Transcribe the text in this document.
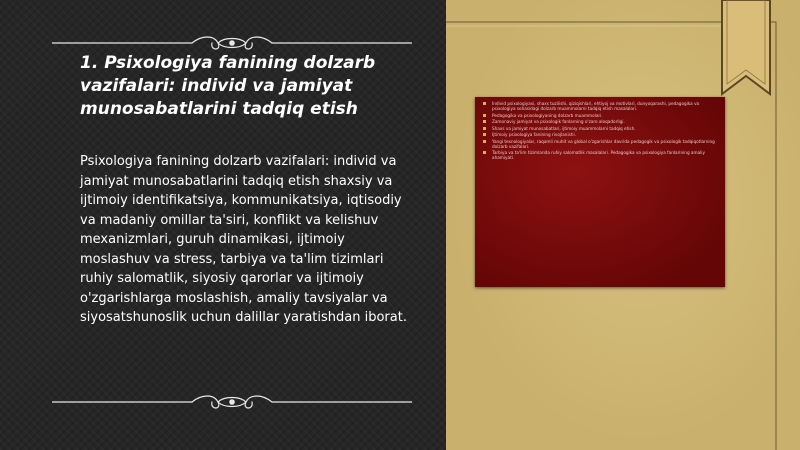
1. Psixologiya fanining dolzarb vazifalari: individ va jamiyat munosabatlarini tadqiq etish

Psixologiya fanining dolzarb vazifalari: individ va jamiyat munosabatlarini tadqiq etish shaxsiy va ijtimoiy identifikatsiya, kommunikatsiya, iqtisodiy va madaniy omillar ta'siri, konflikt va kelishuv mexanizmlari, guruh dinamikasi, ijtimoiy moslashuv va stress, tarbiya va ta'lim tizimlari ruhiy salomatlik, siyosiy qarorlar va ijtimoiy o'zgarishlarga moslashish, amaliy tavsiyalar va siyosatshunoslik uchun dalillar yaratishdan iborat.

Individ psixologiyasi, shaxs tuzilishi, qiziqishlari, ehtiyoj va motivlari, dunyoqarashi, pedagogika va psixologiya sohasidagi dolzarb muammolarni tadqiq etish masalalari.
Pedagogika va psixologiyaning dolzarb muammolari.
Zamonaviy jamiyat va psixologik fanlarning o'zaro aloqadorligi.
Shaxs va jamiyat munosabatlari, ijtimoiy muammolarni tadqiq etish.
Ijtimoiy psixologiya fanining rivojlanishi.
Yangi texnologiyalar, raqamli muhit va global o'zgarishlar davrida pedagogik va psixologik tadqiqotlarning dolzarb vazifalari.
Tarbiya va ta'lim tizimlarida ruhiy salomatlik masalalari. Pedagogika va psixologiya fanlarining amaliy ahamiyati.
